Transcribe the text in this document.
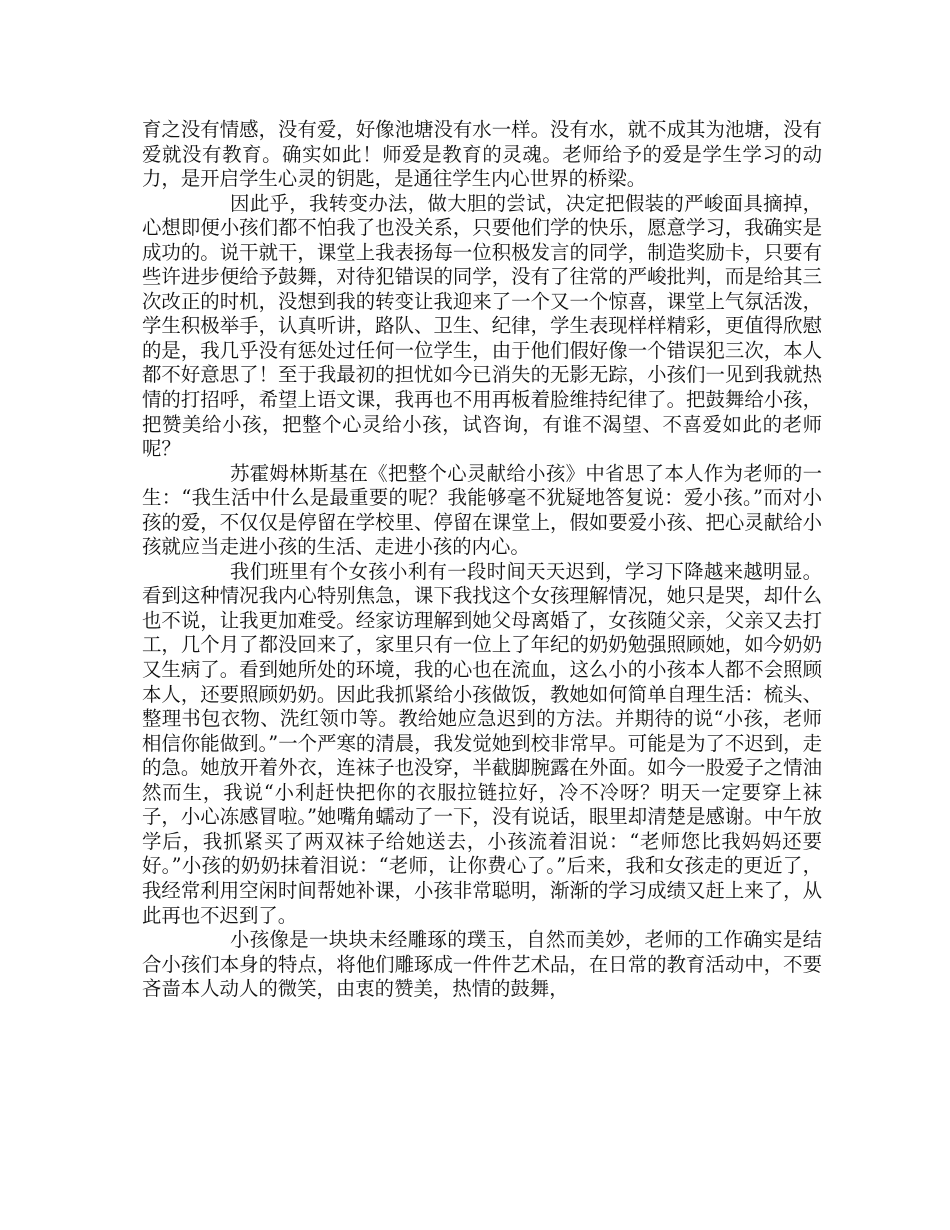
育之没有情感，没有爱，好像池塘没有水一样。没有水，就不成其为池塘，没有爱就没有教育。确实如此！师爱是教育的灵魂。老师给予的爱是学生学习的动力，是开启学生心灵的钥匙，是通往学生内心世界的桥梁。

因此乎，我转变办法，做大胆的尝试，决定把假装的严峻面具摘掉，心想即便小孩们都不怕我了也没关系，只要他们学的快乐，愿意学习，我确实是成功的。说干就干，课堂上我表扬每一位积极发言的同学，制造奖励卡，只要有些许进步便给予鼓舞，对待犯错误的同学，没有了往常的严峻批判，而是给其三次改正的时机，没想到我的转变让我迎来了一个又一个惊喜，课堂上气氛活泼，学生积极举手，认真听讲，路队、卫生、纪律，学生表现样样精彩，更值得欣慰的是，我几乎没有惩处过任何一位学生，由于他们假好像一个错误犯三次，本人都不好意思了！至于我最初的担忧如今已消失的无影无踪，小孩们一见到我就热情的打招呼，希望上语文课，我再也不用再板着脸维持纪律了。把鼓舞给小孩，把赞美给小孩，把整个心灵给小孩，试咨询，有谁不渴望、不喜爱如此的老师呢？

苏霍姆林斯基在《把整个心灵献给小孩》中省思了本人作为老师的一生：“我生活中什么是最重要的呢？我能够毫不犹疑地答复说：爱小孩。”而对小孩的爱，不仅仅是停留在学校里、停留在课堂上，假如要爱小孩、把心灵献给小孩就应当走进小孩的生活、走进小孩的内心。

我们班里有个女孩小利有一段时间天天迟到，学习下降越来越明显。看到这种情况我内心特别焦急，课下我找这个女孩理解情况，她只是哭，却什么也不说，让我更加难受。经家访理解到她父母离婚了，女孩随父亲，父亲又去打工，几个月了都没回来了，家里只有一位上了年纪的奶奶勉强照顾她，如今奶奶又生病了。看到她所处的环境，我的心也在流血，这么小的小孩本人都不会照顾本人，还要照顾奶奶。因此我抓紧给小孩做饭，教她如何简单自理生活：梳头、整理书包衣物、洗红领巾等。教给她应急迟到的方法。并期待的说“小孩，老师相信你能做到。”一个严寒的清晨，我发觉她到校非常早。可能是为了不迟到，走的急。她放开着外衣，连袜子也没穿，半截脚腕露在外面。如今一股爱子之情油然而生，我说“小利赶快把你的衣服拉链拉好，冷不冷呀？明天一定要穿上袜子，小心冻感冒啦。”她嘴角蠕动了一下，没有说话，眼里却清楚是感谢。中午放学后，我抓紧买了两双袜子给她送去，小孩流着泪说：“老师您比我妈妈还要好。”小孩的奶奶抹着泪说：“老师，让你费心了。”后来，我和女孩走的更近了，我经常利用空闲时间帮她补课，小孩非常聪明，渐渐的学习成绩又赶上来了，从此再也不迟到了。

小孩像是一块块未经雕琢的璞玉，自然而美妙，老师的工作确实是结合小孩们本身的特点，将他们雕琢成一件件艺术品，在日常的教育活动中，不要吝啬本人动人的微笑，由衷的赞美，热情的鼓舞，
